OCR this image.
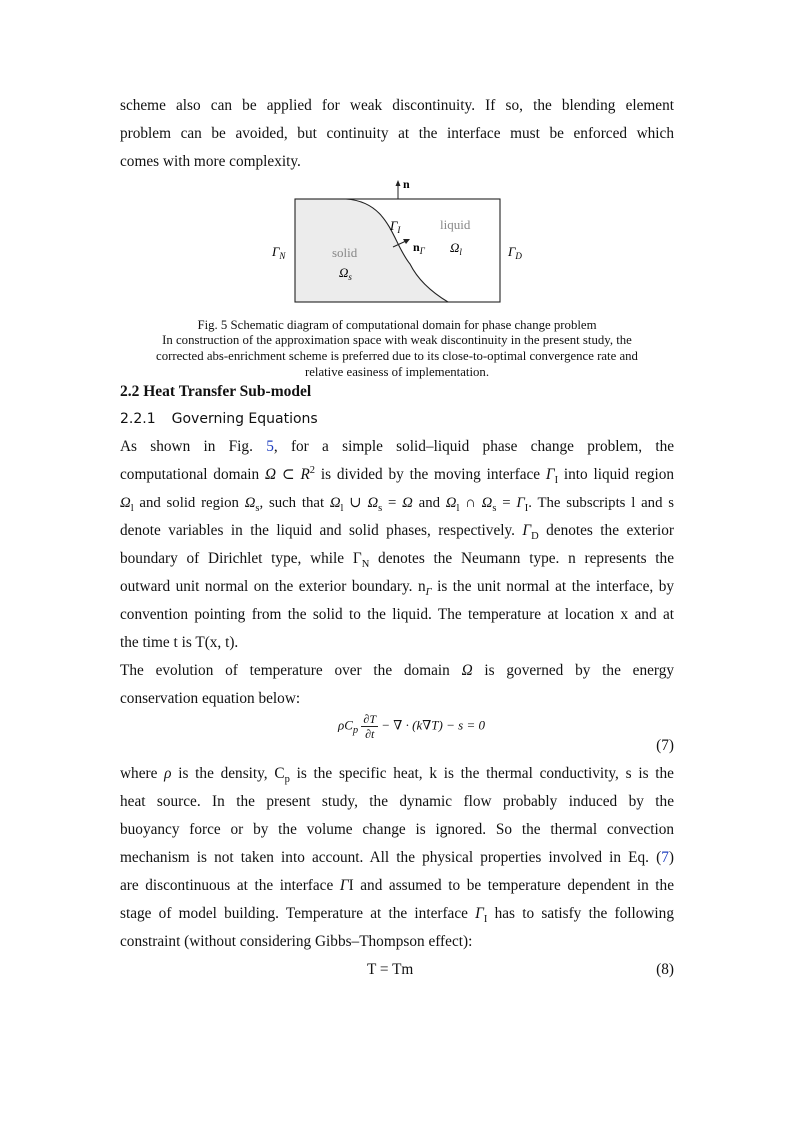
scheme also can be applied for weak discontinuity. If so, the blending element
problem can be avoided, but continuity at the interface must be enforced which
comes with more complexity.
n
$\Gamma_I$	liquid
$\Omega_l$
solid
$\Omega_s$
$n_\Gamma$
$\Gamma_N$	$\Gamma_D$
Fig. 5 Schematic diagram of computational domain for phase change problem
In construction of the approximation space with weak discontinuity in the present study, the
corrected abs-enrichment scheme is preferred due to its close-to-optimal convergence rate and
relative easiness of implementation.
2.2 Heat Transfer Sub-model
2.2.1 Governing Equations
As shown in Fig. 5, for a simple solid–liquid phase change problem, the
computational domain Ω ⊂ $R^2$ is divided by the moving interface $\Gamma_I$ into liquid region
$\Omega_l$ and solid region $\Omega_s$, such that $\Omega_l$ ∪ $\Omega_s = \Omega$ and $\Omega_l$ ∩ $\Omega_s = \Gamma_I$. The subscripts l and s
denote variables in the liquid and solid phases, respectively. $\Gamma_D$ denotes the exterior
boundary of Dirichlet type, while $\Gamma_N$ denotes the Neumann type. n represents the
outward unit normal on the exterior boundary. $n_\Gamma$ is the unit normal at the interface, by
convention pointing from the solid to the liquid. The temperature at location x and at
the time t is T(x, t).
The evolution of temperature over the domain Ω is governed by the energy
conservation equation below:
$\rho C_p \frac{\partial T}{\partial t}$ − ∇ · (k∇T) − s = 0
(7)
where ρ is the density, $C_p$ is the specific heat, k is the thermal conductivity, s is the
heat source. In the present study, the dynamic flow probably induced by the
buoyancy force or by the volume change is ignored. So the thermal convection
mechanism is not taken into account. All the physical properties involved in Eq. (7)
are discontinuous at the interface ΓI and assumed to be temperature dependent in the
stage of model building. Temperature at the interface $\Gamma_I$ has to satisfy the following
constraint (without considering Gibbs–Thompson effect):
T = Tm	(8)
